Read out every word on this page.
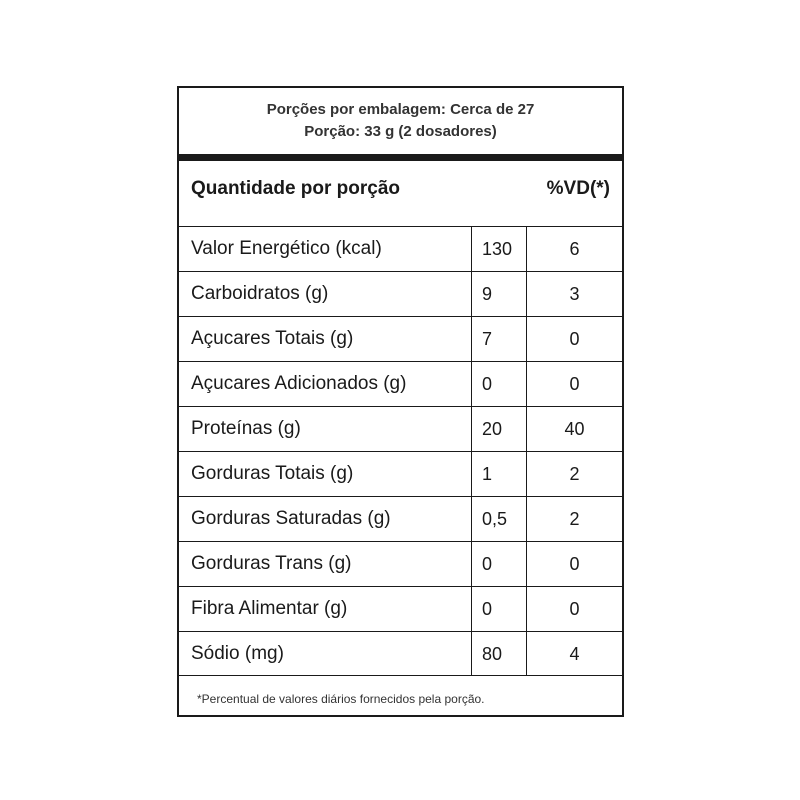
Porções por embalagem: Cerca de 27
Porção: 33 g (2 dosadores)
Quantidade por porção	%VD(*)
Valor Energético (kcal)	130	6
Carboidratos (g)	9	3
Açucares Totais (g)	7	0
Açucares Adicionados (g)	0	0
Proteínas (g)	20	40
Gorduras Totais (g)	1	2
Gorduras Saturadas (g)	0,5	2
Gorduras Trans (g)	0	0
Fibra Alimentar (g)	0	0
Sódio (mg)	80	4
*Percentual de valores diários fornecidos pela porção.
